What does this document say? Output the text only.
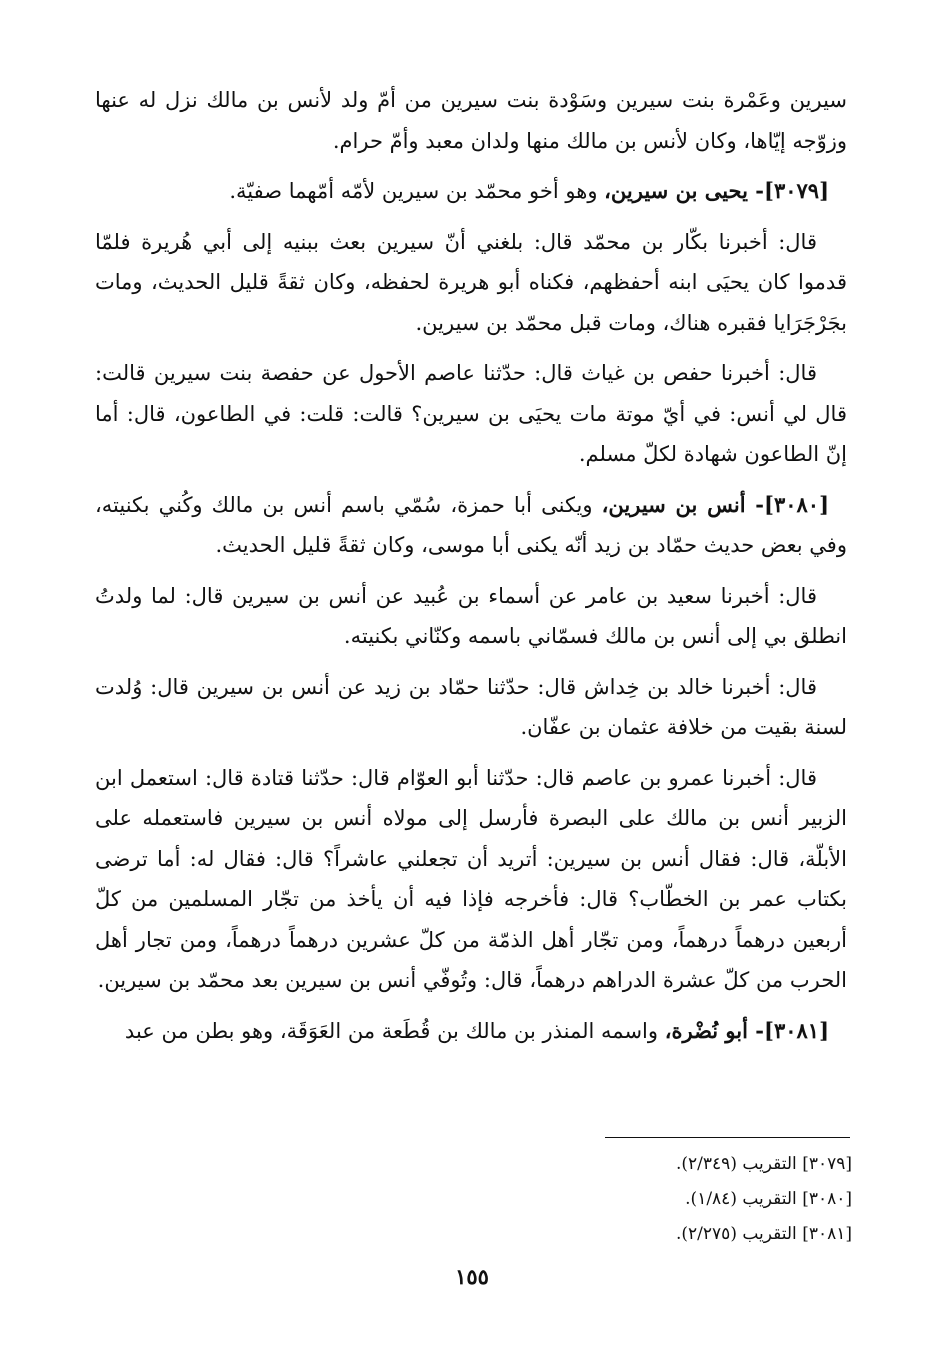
سيرين وعَمْرة بنت سيرين وسَوْدة بنت سيرين من أمّ ولد لأنس بن مالك نزل له عنها وزوّجه إيّاها، وكان لأنس بن مالك منها ولدان معبد وأمّ حرام.

[٣٠٧٩]- يحيى بن سيرين، وهو أخو محمّد بن سيرين لأمّه أمّهما صفيّة.

قال: أخبرنا بكّار بن محمّد قال: بلغني أنّ سيرين بعث ببنيه إلى أبي هُريرة فلمّا قدموا كان يحيَى ابنه أحفظهم، فكناه أبو هريرة لحفظه، وكان ثقةً قليل الحديث، ومات بجَرْجَرَايا فقبره هناك، ومات قبل محمّد بن سيرين.

قال: أخبرنا حفص بن غياث قال: حدّثنا عاصم الأحول عن حفصة بنت سيرين قالت: قال لي أنس: في أيّ موتة مات يحيَى بن سيرين؟ قالت: قلت: في الطاعون، قال: أما إنّ الطاعون شهادة لكلّ مسلم.

[٣٠٨٠]- أنس بن سيرين، ويكنى أبا حمزة، سُمّي باسم أنس بن مالك وكُني بكنيته، وفي بعض حديث حمّاد بن زيد أنّه يكنى أبا موسى، وكان ثقةً قليل الحديث.

قال: أخبرنا سعيد بن عامر عن أسماء بن عُبيد عن أنس بن سيرين قال: لما ولدتُ انطلق بي إلى أنس بن مالك فسمّاني باسمه وكنّاني بكنيته.

قال: أخبرنا خالد بن خِداش قال: حدّثنا حمّاد بن زيد عن أنس بن سيرين قال: وُلدت لسنة بقيت من خلافة عثمان بن عفّان.

قال: أخبرنا عمرو بن عاصم قال: حدّثنا أبو العوّام قال: حدّثنا قتادة قال: استعمل ابن الزبير أنس بن مالك على البصرة فأرسل إلى مولاه أنس بن سيرين فاستعمله على الأبلّة، قال: فقال أنس بن سيرين: أتريد أن تجعلني عاشراً؟ قال: فقال له: أما ترضى بكتاب عمر بن الخطّاب؟ قال: فأخرجه فإذا فيه أن يأخذ من تجّار المسلمين من كلّ أربعين درهماً درهماً، ومن تجّار أهل الذمّة من كلّ عشرين درهماً درهماً، ومن تجار أهل الحرب من كلّ عشرة الدراهم درهماً، قال: وتُوفّي أنس بن سيرين بعد محمّد بن سيرين.

[٣٠٨١]- أبو نُضْرة، واسمه المنذر بن مالك بن قُطَعة من العَوَقَة، وهو بطن من عبد

[٣٠٧٩] التقريب (٢/٣٤٩).

[٣٠٨٠] التقريب (١/٨٤).

[٣٠٨١] التقريب (٢/٢٧٥).

١٥٥
